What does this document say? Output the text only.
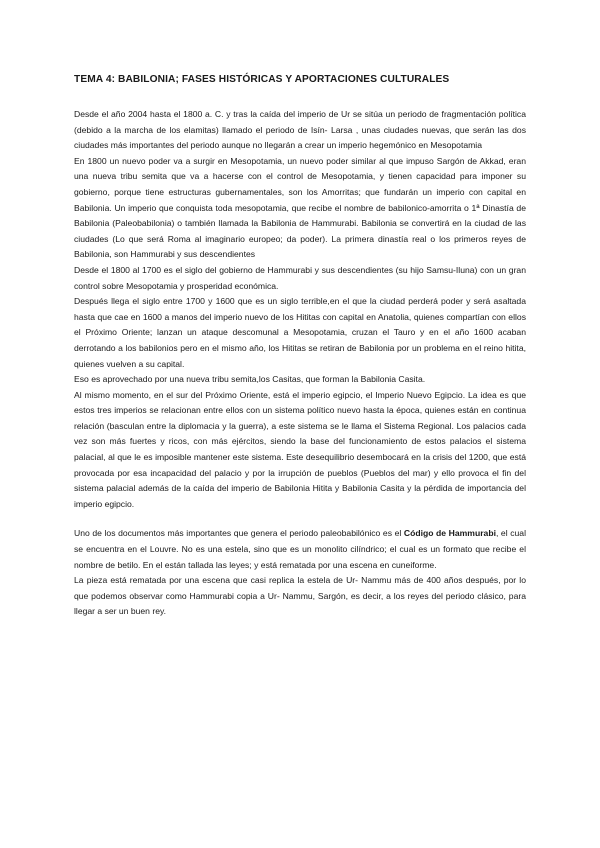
TEMA 4: BABILONIA; FASES HISTÓRICAS Y APORTACIONES CULTURALES

Desde el año 2004 hasta el 1800 a. C. y tras la caída del imperio de Ur se sitúa un periodo de fragmentación política (debido a la marcha de los elamitas) llamado el periodo de Isín- Larsa , unas ciudades nuevas, que serán las dos ciudades más importantes del periodo aunque no llegarán a crear un imperio hegemónico en Mesopotamia

En 1800 un nuevo poder va a surgir en Mesopotamia, un nuevo poder similar al que impuso Sargón de Akkad, eran una nueva tribu semita que va a hacerse con el control de Mesopotamia, y tienen capacidad para imponer su gobierno, porque tiene estructuras gubernamentales, son los Amorritas; que fundarán un imperio con capital en Babilonia. Un imperio que conquista toda mesopotamia, que recibe el nombre de babilonico-amorrita o 1ª Dinastía de Babilonia (Paleobabilonia) o también llamada la Babilonia de Hammurabi. Babilonia se convertirá en la ciudad de las ciudades (Lo que será Roma al imaginario europeo; da poder). La primera dinastía real o los primeros reyes de Babilonia, son Hammurabi y sus descendientes

Desde el 1800 al 1700 es el siglo del gobierno de Hammurabi y sus descendientes (su hijo Samsu-Iluna) con un gran control sobre Mesopotamia y prosperidad económica.

Después llega el siglo entre 1700 y 1600 que es un siglo terrible,en el que la ciudad perderá poder y será asaltada hasta que cae en 1600 a manos del imperio nuevo de los Hititas con capital en Anatolia, quienes compartían con ellos el Próximo Oriente; lanzan un ataque descomunal a Mesopotamia, cruzan el Tauro y en el año 1600 acaban derrotando a los babilonios pero en el mismo año, los Hititas se retiran de Babilonia por un problema en el reino hitita, quienes vuelven a su capital.

Eso es aprovechado por una nueva tribu semita,los Casitas, que forman la Babilonia Casita.

Al mismo momento, en el sur del Próximo Oriente, está el imperio egipcio, el Imperio Nuevo Egipcio. La idea es que estos tres imperios se relacionan entre ellos con un sistema político nuevo hasta la época, quienes están en continua relación (basculan entre la diplomacia y la guerra), a este sistema se le llama el Sistema Regional. Los palacios cada vez son más fuertes y ricos, con más ejércitos, siendo la base del funcionamiento de estos palacios el sistema palacial, al que le es imposible mantener este sistema. Este desequilibrio desembocará en la crisis del 1200, que está provocada por esa incapacidad del palacio y por la irrupción de pueblos (Pueblos del mar) y ello provoca el fin del sistema palacial además de la caída del imperio de Babilonia Hitita y Babilonia Casita y la pérdida de importancia del imperio egipcio.

Uno de los documentos más importantes que genera el periodo paleobabilónico es el Código de Hammurabi, el cual se encuentra en el Louvre. No es una estela, sino que es un monolito cilíndrico; el cual es un formato que recibe el nombre de betilo. En el están tallada las leyes; y está rematada por una escena en cuneiforme.

La pieza está rematada por una escena que casi replica la estela de Ur- Nammu más de 400 años después, por lo que podemos observar como Hammurabi copia a Ur- Nammu, Sargón, es decir, a los reyes del periodo clásico, para llegar a ser un buen rey.
